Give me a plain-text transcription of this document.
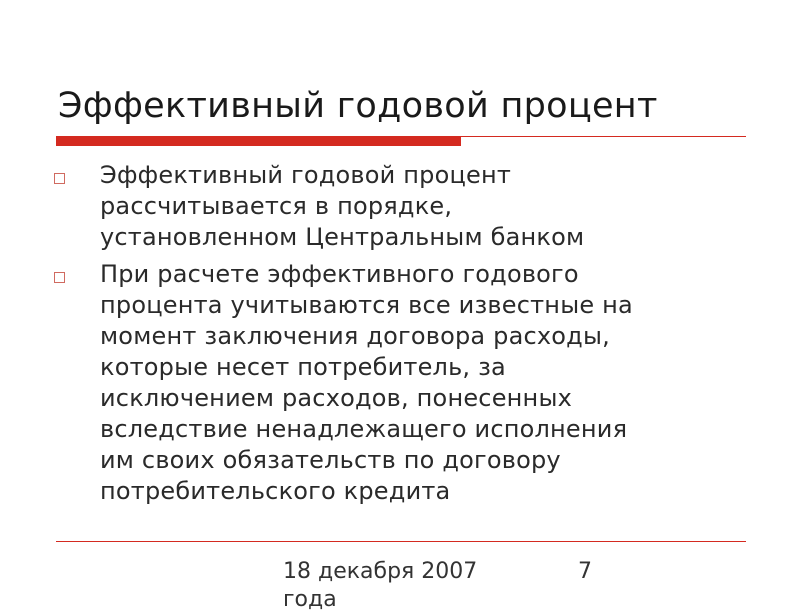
Эффективный годовой процент
Эффективный годовой процент
рассчитывается в порядке,
установленном Центральным банком
При расчете эффективного годового
процента учитываются все известные на
момент заключения договора расходы,
которые несет потребитель, за
исключением расходов, понесенных
вследствие ненадлежащего исполнения
им своих обязательств по договору
потребительского кредита
18 декабря 2007 года
7
